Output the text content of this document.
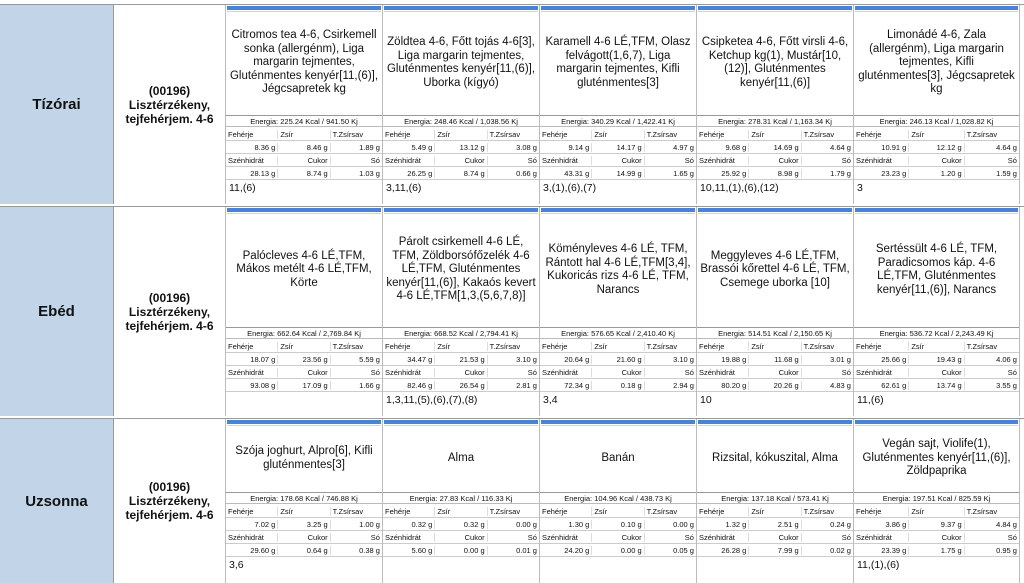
Tízórai
(00196)
Lisztérzékeny, tejfehérjem. 4-6
Citromos tea 4-6, Csirkemell sonka (allergénm), Liga margarin tejmentes, Gluténmentes kenyér[11,(6)], Jégcsapretek kg
Energia: 225.24 Kcal / 941.50 Kj
Fehérje	Zsír	T.Zsírsav
8.36 g	8.46 g	1.89 g
Szénhidrát	Cukor	Só
28.13 g	8.74 g	1.03 g
11,(6)
Zöldtea 4-6, Főtt tojás 4-6[3], Liga margarin tejmentes, Gluténmentes kenyér[11,(6)], Uborka (kígyó)
Energia: 248.46 Kcal / 1,038.56 Kj
Fehérje	Zsír	T.Zsírsav
5.49 g	13.12 g	3.08 g
Szénhidrát	Cukor	Só
26.25 g	8.74 g	0.66 g
3,11,(6)
Karamell 4-6 LÉ,TFM, Olasz felvágott(1,6,7), Liga margarin tejmentes, Kifli gluténmentes[3]
Energia: 340.29 Kcal / 1,422.41 Kj
Fehérje	Zsír	T.Zsírsav
9.14 g	14.17 g	4.97 g
Szénhidrát	Cukor	Só
43.31 g	14.99 g	1.65 g
3,(1),(6),(7)
Csipketea 4-6, Főtt virsli 4-6, Ketchup kg(1), Mustár[10,(12)], Gluténmentes kenyér[11,(6)]
Energia: 278.31 Kcal / 1,163.34 Kj
Fehérje	Zsír	T.Zsírsav
9.68 g	14.69 g	4.64 g
Szénhidrát	Cukor	Só
25.92 g	8.98 g	1.79 g
10,11,(1),(6),(12)
Limonádé 4-6, Zala (allergénm), Liga margarin tejmentes, Kifli gluténmentes[3], Jégcsapretek kg
Energia: 246.13 Kcal / 1,028.82 Kj
Fehérje	Zsír	T.Zsírsav
10.91 g	12.12 g	4.64 g
Szénhidrát	Cukor	Só
23.23 g	1.20 g	1.59 g
3
Ebéd
(00196)
Lisztérzékeny, tejfehérjem. 4-6
Palócleves 4-6 LÉ,TFM, Mákos metélt 4-6 LÉ,TFM, Körte
Energia: 662.64 Kcal / 2,769.84 Kj
Fehérje	Zsír	T.Zsírsav
18.07 g	23.56 g	5.59 g
Szénhidrát	Cukor	Só
93.08 g	17.09 g	1.66 g
Párolt csirkemell 4-6 LÉ, TFM, Zöldborsófőzelék 4-6 LÉ,TFM, Gluténmentes kenyér[11,(6)], Kakaós kevert 4-6 LÉ,TFM[1,3,(5,6,7,8)]
Energia: 668.52 Kcal / 2,794.41 Kj
Fehérje	Zsír	T.Zsírsav
34.47 g	21.53 g	3.10 g
Szénhidrát	Cukor	Só
82.46 g	26.54 g	2.81 g
1,3,11,(5),(6),(7),(8)
Köményleves 4-6 LÉ, TFM, Rántott hal 4-6 LÉ,TFM[3,4], Kukoricás rizs 4-6 LÉ, TFM, Narancs
Energia: 576.65 Kcal / 2,410.40 Kj
Fehérje	Zsír	T.Zsírsav
20.64 g	21.60 g	3.10 g
Szénhidrát	Cukor	Só
72.34 g	0.18 g	2.94 g
3,4
Meggyleves 4-6 LÉ,TFM, Brassói kőrettel 4-6 LÉ, TFM, Csemege uborka [10]
Energia: 514.51 Kcal / 2,150.65 Kj
Fehérje	Zsír	T.Zsírsav
19.88 g	11.68 g	3.01 g
Szénhidrát	Cukor	Só
80.20 g	20.26 g	4.83 g
10
Sertéssült 4-6 LÉ, TFM, Paradicsomos káp. 4-6 LÉ,TFM, Gluténmentes kenyér[11,(6)], Narancs
Energia: 536.72 Kcal / 2,243.49 Kj
Fehérje	Zsír	T.Zsírsav
25.66 g	19.43 g	4.06 g
Szénhidrát	Cukor	Só
62.61 g	13.74 g	3.55 g
11,(6)
Uzsonna
(00196)
Lisztérzékeny, tejfehérjem. 4-6
Szója joghurt, Alpro[6], Kifli gluténmentes[3]
Energia: 178.68 Kcal / 746.88 Kj
Fehérje	Zsír	T.Zsírsav
7.02 g	3.25 g	1.00 g
Szénhidrát	Cukor	Só
29.60 g	0.64 g	0.38 g
3,6
Alma
Energia: 27.83 Kcal / 116.33 Kj
Fehérje	Zsír	T.Zsírsav
0.32 g	0.32 g	0.00 g
Szénhidrát	Cukor	Só
5.60 g	0.00 g	0.01 g
Banán
Energia: 104.96 Kcal / 438.73 Kj
Fehérje	Zsír	T.Zsírsav
1.30 g	0.10 g	0.00 g
Szénhidrát	Cukor	Só
24.20 g	0.00 g	0.05 g
Rizsital, kókuszital, Alma
Energia: 137.18 Kcal / 573.41 Kj
Fehérje	Zsír	T.Zsírsav
1.32 g	2.51 g	0.24 g
Szénhidrát	Cukor	Só
26.28 g	7.99 g	0.02 g
Vegán sajt, Violife(1), Gluténmentes kenyér[11,(6)], Zöldpaprika
Energia: 197.51 Kcal / 825.59 Kj
Fehérje	Zsír	T.Zsírsav
3.86 g	9.37 g	4.84 g
Szénhidrát	Cukor	Só
23.39 g	1.75 g	0.95 g
11,(1),(6)
